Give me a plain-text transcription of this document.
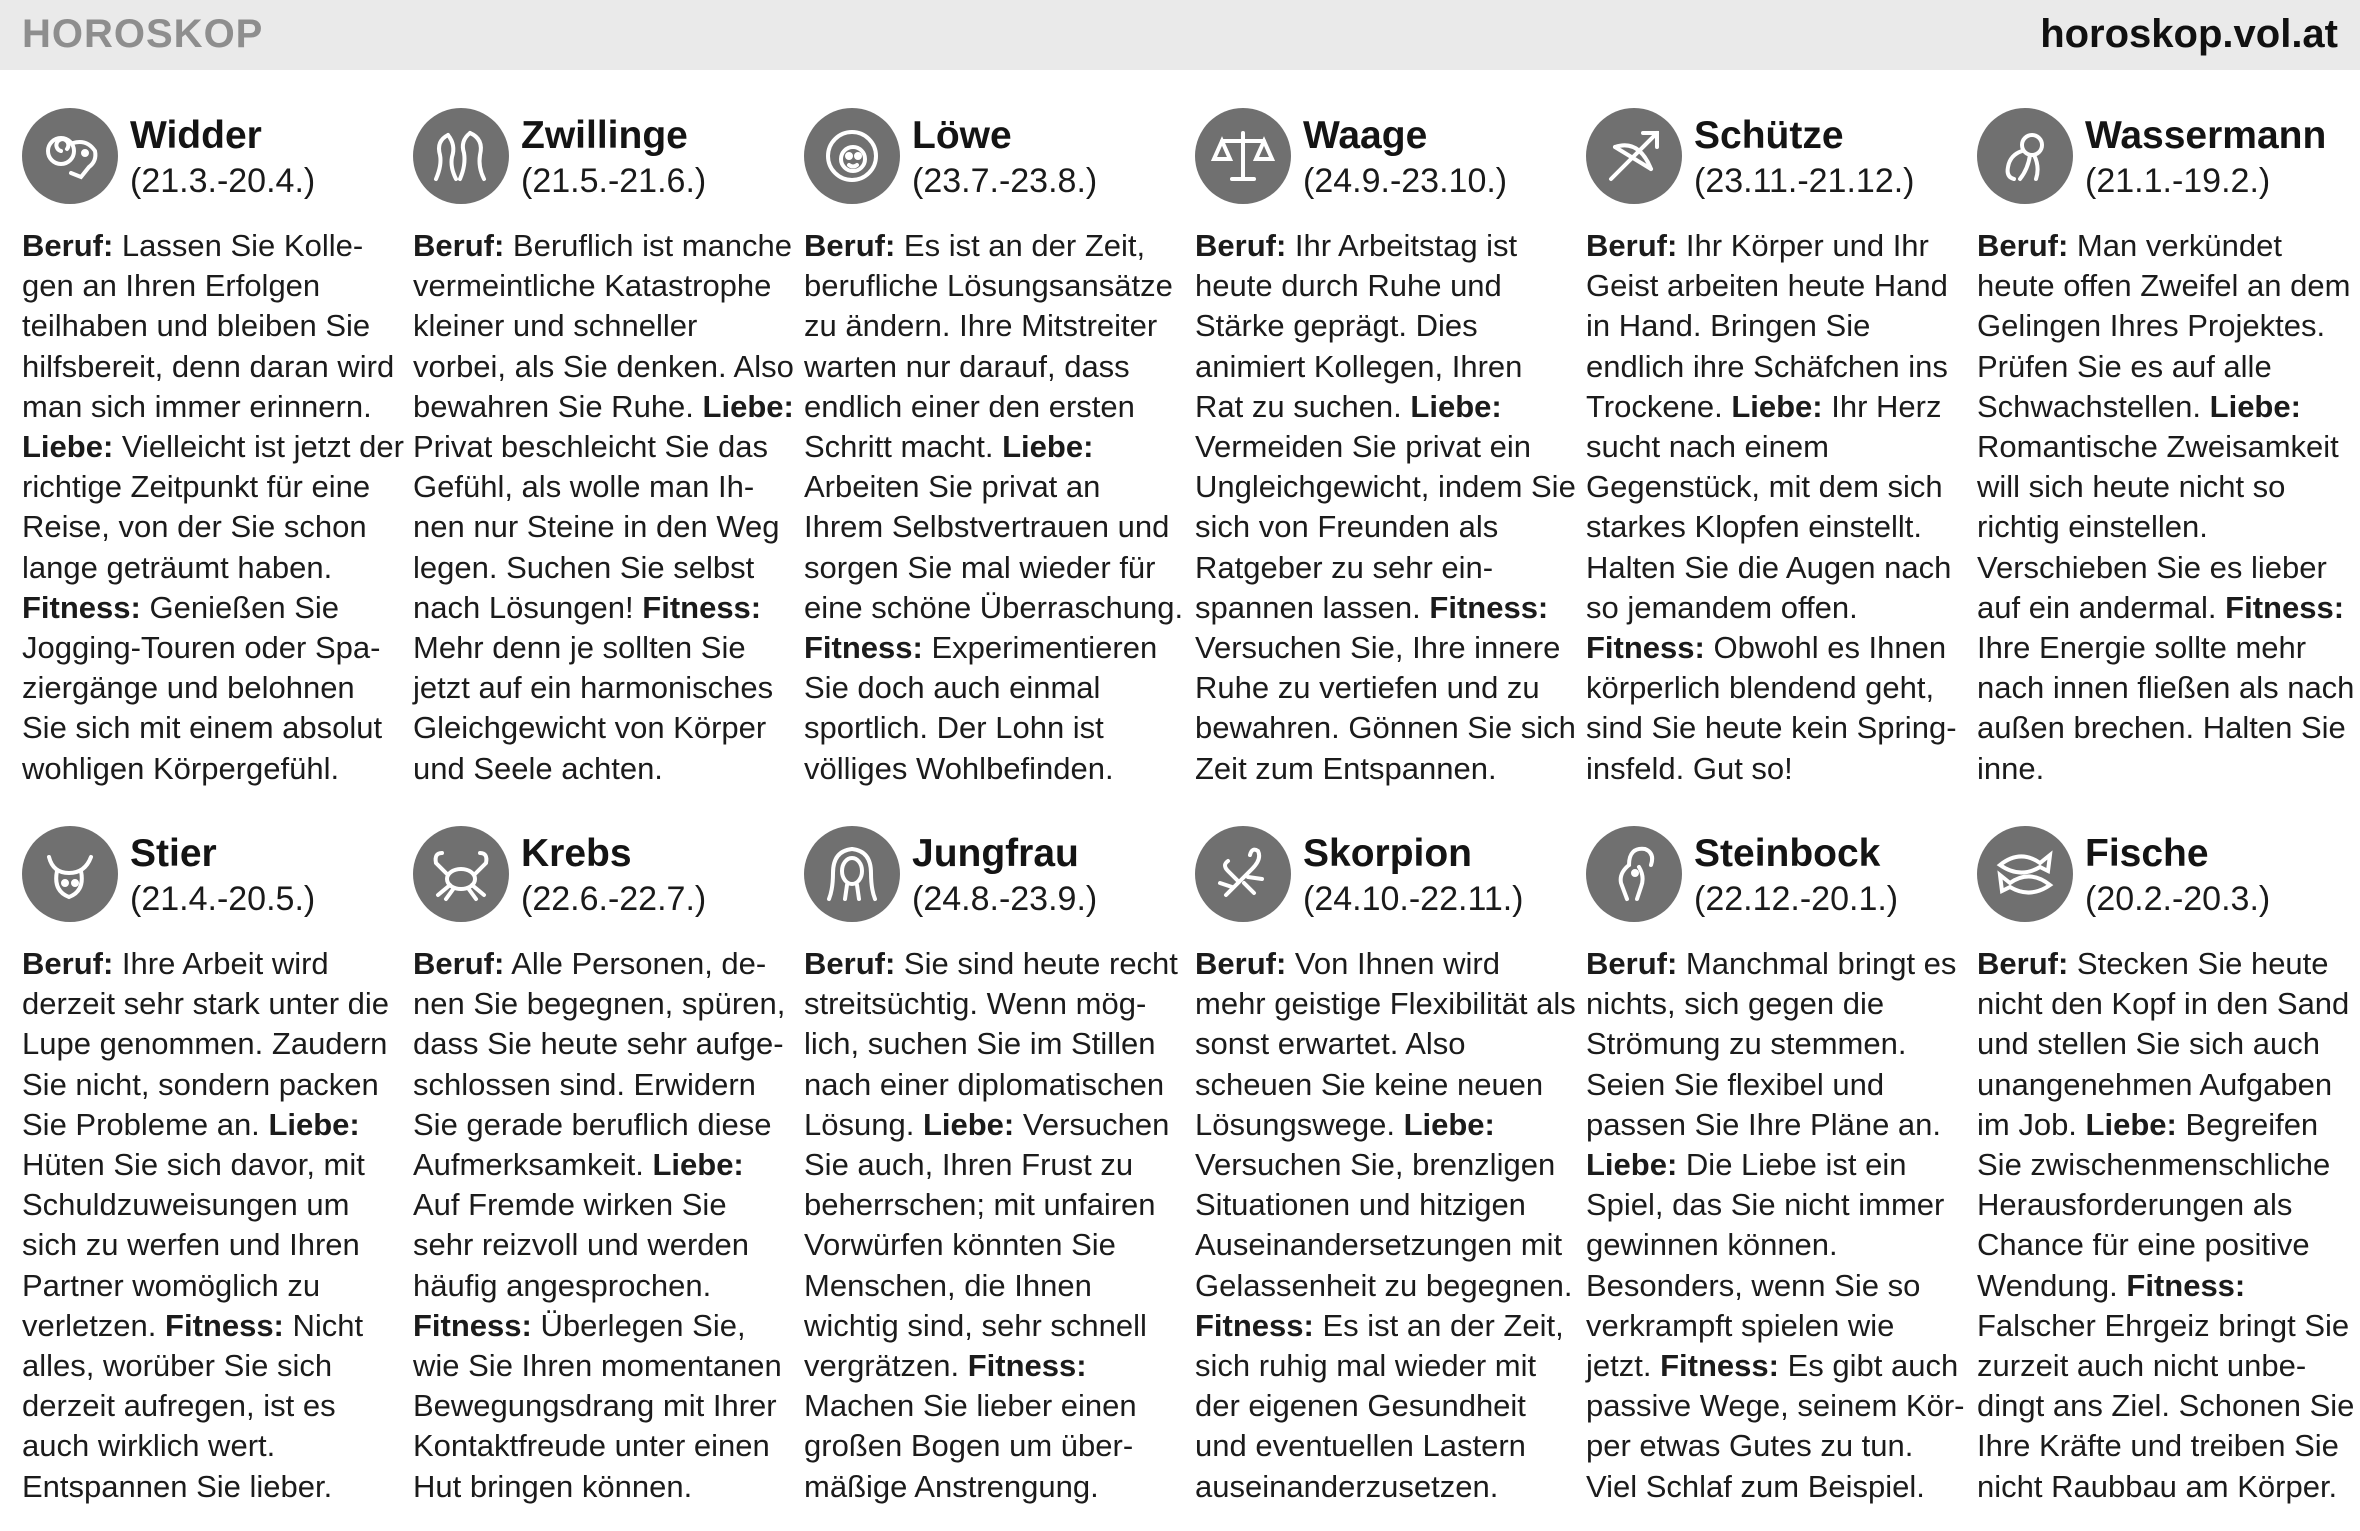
HOROSKOP	horoskop.vol.at
Widder
(21.3.-20.4.)
Beruf: Lassen Sie Kollegen an Ihren Erfolgen teilhaben und bleiben Sie hilfsbereit, denn daran wird man sich immer erinnern. Liebe: Vielleicht ist jetzt der richtige Zeitpunkt für eine Reise, von der Sie schon lange geträumt haben. Fitness: Genießen Sie Jogging-Touren oder Spaziergänge und belohnen Sie sich mit einem absolut wohligen Körpergefühl.
Zwillinge
(21.5.-21.6.)
Beruf: Beruflich ist manche vermeintliche Katastrophe kleiner und schneller vorbei, als Sie denken. Also bewahren Sie Ruhe. Liebe: Privat beschleicht Sie das Gefühl, als wolle man Ihnen nur Steine in den Weg legen. Suchen Sie selbst nach Lösungen! Fitness: Mehr denn je sollten Sie jetzt auf ein harmonisches Gleichgewicht von Körper und Seele achten.
Löwe
(23.7.-23.8.)
Beruf: Es ist an der Zeit, berufliche Lösungsansätze zu ändern. Ihre Mitstreiter warten nur darauf, dass endlich einer den ersten Schritt macht. Liebe: Arbeiten Sie privat an Ihrem Selbstvertrauen und sorgen Sie mal wieder für eine schöne Überraschung. Fitness: Experimentieren Sie doch auch einmal sportlich. Der Lohn ist völliges Wohlbefinden.
Waage
(24.9.-23.10.)
Beruf: Ihr Arbeitstag ist heute durch Ruhe und Stärke geprägt. Dies animiert Kollegen, Ihren Rat zu suchen. Liebe: Vermeiden Sie privat ein Ungleichgewicht, indem Sie sich von Freunden als Ratgeber zu sehr einspannen lassen. Fitness: Versuchen Sie, Ihre innere Ruhe zu vertiefen und zu bewahren. Gönnen Sie sich Zeit zum Entspannen.
Schütze
(23.11.-21.12.)
Beruf: Ihr Körper und Ihr Geist arbeiten heute Hand in Hand. Bringen Sie endlich ihre Schäfchen ins Trockene. Liebe: Ihr Herz sucht nach einem Gegenstück, mit dem sich starkes Klopfen einstellt. Halten Sie die Augen nach so jemandem offen. Fitness: Obwohl es Ihnen körperlich blendend geht, sind Sie heute kein Springinsfeld. Gut so!
Wassermann
(21.1.-19.2.)
Beruf: Man verkündet heute offen Zweifel an dem Gelingen Ihres Projektes. Prüfen Sie es auf alle Schwachstellen. Liebe: Romantische Zweisamkeit will sich heute nicht so richtig einstellen. Verschieben Sie es lieber auf ein andermal. Fitness: Ihre Energie sollte mehr nach innen fließen als nach außen brechen. Halten Sie inne.
Stier
(21.4.-20.5.)
Beruf: Ihre Arbeit wird derzeit sehr stark unter die Lupe genommen. Zaudern Sie nicht, sondern packen Sie Probleme an. Liebe: Hüten Sie sich davor, mit Schuldzuweisungen um sich zu werfen und Ihren Partner womöglich zu verletzen. Fitness: Nicht alles, worüber Sie sich derzeit aufregen, ist es auch wirklich wert. Entspannen Sie lieber.
Krebs
(22.6.-22.7.)
Beruf: Alle Personen, denen Sie begegnen, spüren, dass Sie heute sehr aufgeschlossen sind. Erwidern Sie gerade beruflich diese Aufmerksamkeit. Liebe: Auf Fremde wirken Sie sehr reizvoll und werden häufig angesprochen. Fitness: Überlegen Sie, wie Sie Ihren momentanen Bewegungsdrang mit Ihrer Kontaktfreude unter einen Hut bringen können.
Jungfrau
(24.8.-23.9.)
Beruf: Sie sind heute recht streitsüchtig. Wenn möglich, suchen Sie im Stillen nach einer diplomatischen Lösung. Liebe: Versuchen Sie auch, Ihren Frust zu beherrschen; mit unfairen Vorwürfen könnten Sie Menschen, die Ihnen wichtig sind, sehr schnell vergrätzen. Fitness: Machen Sie lieber einen großen Bogen um übermäßige Anstrengung.
Skorpion
(24.10.-22.11.)
Beruf: Von Ihnen wird mehr geistige Flexibilität als sonst erwartet. Also scheuen Sie keine neuen Lösungswege. Liebe: Versuchen Sie, brenzligen Situationen und hitzigen Auseinandersetzungen mit Gelassenheit zu begegnen. Fitness: Es ist an der Zeit, sich ruhig mal wieder mit der eigenen Gesundheit und eventuellen Lastern auseinanderzusetzen.
Steinbock
(22.12.-20.1.)
Beruf: Manchmal bringt es nichts, sich gegen die Strömung zu stemmen. Seien Sie flexibel und passen Sie Ihre Pläne an. Liebe: Die Liebe ist ein Spiel, das Sie nicht immer gewinnen können. Besonders, wenn Sie so verkrampft spielen wie jetzt. Fitness: Es gibt auch passive Wege, seinem Körper etwas Gutes zu tun. Viel Schlaf zum Beispiel.
Fische
(20.2.-20.3.)
Beruf: Stecken Sie heute nicht den Kopf in den Sand und stellen Sie sich auch unangenehmen Aufgaben im Job. Liebe: Begreifen Sie zwischenmenschliche Herausforderungen als Chance für eine positive Wendung. Fitness: Falscher Ehrgeiz bringt Sie zurzeit auch nicht unbedingt ans Ziel. Schonen Sie Ihre Kräfte und treiben Sie nicht Raubbau am Körper.
